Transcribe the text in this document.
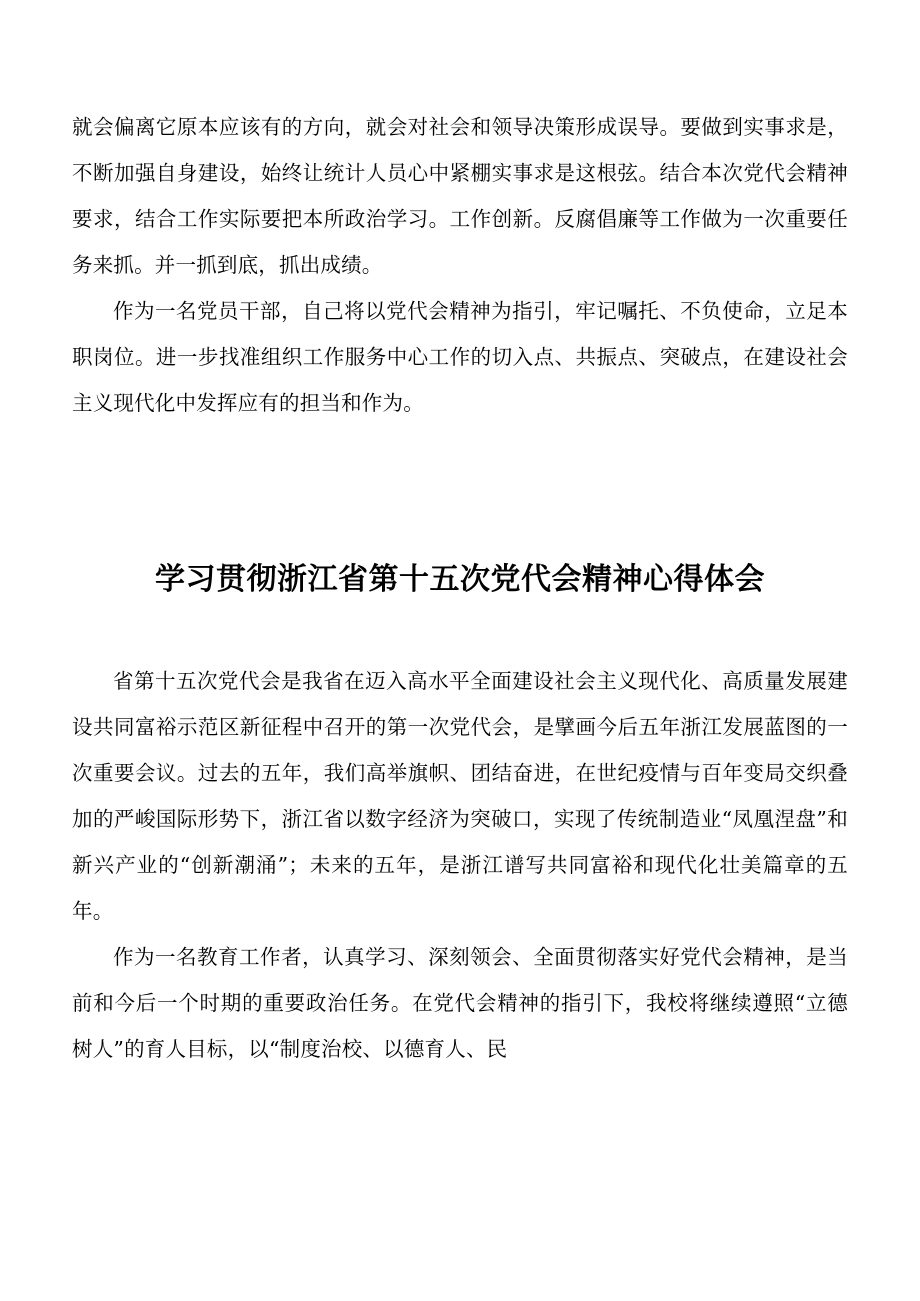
就会偏离它原本应该有的方向，就会对社会和领导决策形成误导。要做到实事求是，不断加强自身建设，始终让统计人员心中紧棚实事求是这根弦。结合本次党代会精神要求，结合工作实际要把本所政治学习。工作创新。反腐倡廉等工作做为一次重要任务来抓。并一抓到底，抓出成绩。

作为一名党员干部，自己将以党代会精神为指引，牢记嘱托、不负使命，立足本职岗位。进一步找准组织工作服务中心工作的切入点、共振点、突破点，在建设社会主义现代化中发挥应有的担当和作为。

学习贯彻浙江省第十五次党代会精神心得体会

省第十五次党代会是我省在迈入高水平全面建设社会主义现代化、高质量发展建设共同富裕示范区新征程中召开的第一次党代会，是擘画今后五年浙江发展蓝图的一次重要会议。过去的五年，我们高举旗帜、团结奋进，在世纪疫情与百年变局交织叠加的严峻国际形势下，浙江省以数字经济为突破口，实现了传统制造业“凤凰涅盘”和新兴产业的“创新潮涌”；未来的五年，是浙江谱写共同富裕和现代化壮美篇章的五年。

作为一名教育工作者，认真学习、深刻领会、全面贯彻落实好党代会精神，是当前和今后一个时期的重要政治任务。在党代会精神的指引下，我校将继续遵照“立德树人”的育人目标，以“制度治校、以德育人、民
